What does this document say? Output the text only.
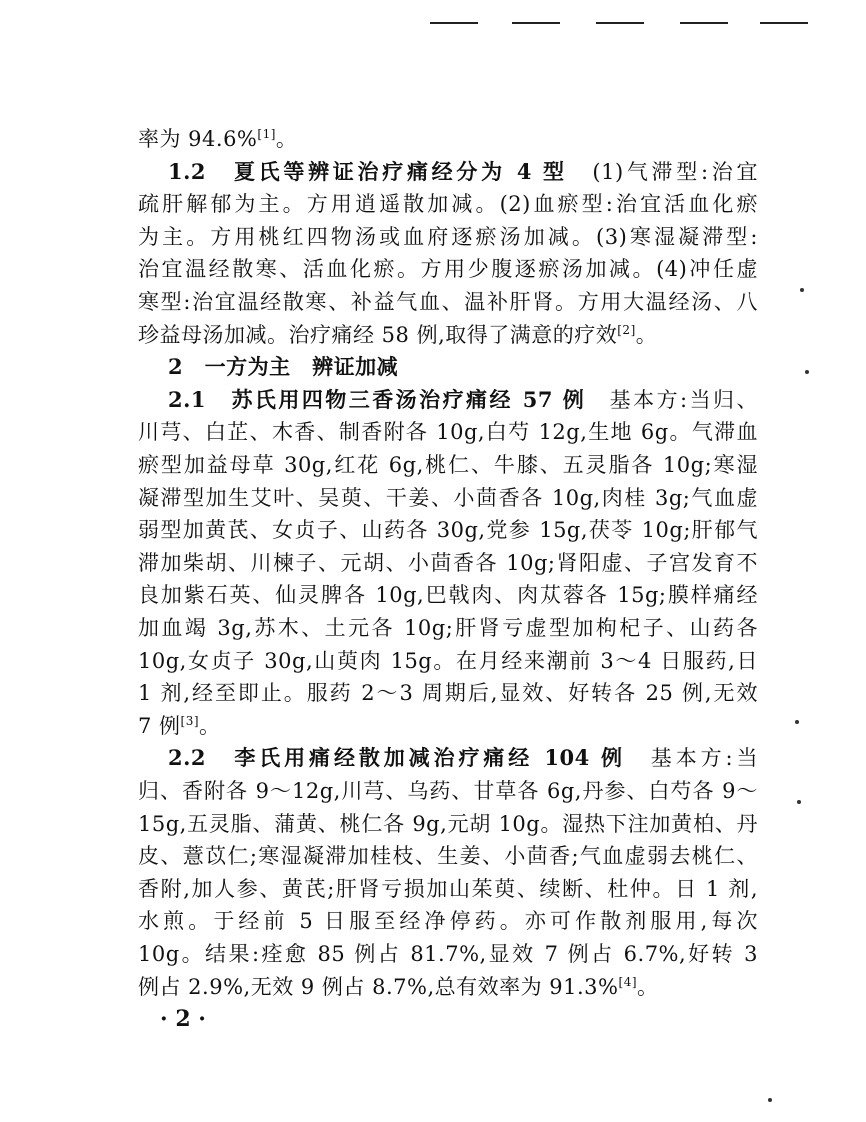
率为 94.6%[1]。
1.2　夏氏等辨证治疗痛经分为 4 型　(1)气滞型:治宜
疏肝解郁为主。方用逍遥散加减。(2)血瘀型:治宜活血化瘀
为主。方用桃红四物汤或血府逐瘀汤加减。(3)寒湿凝滞型:
治宜温经散寒、活血化瘀。方用少腹逐瘀汤加减。(4)冲任虚
寒型:治宜温经散寒、补益气血、温补肝肾。方用大温经汤、八
珍益母汤加减。治疗痛经 58 例,取得了满意的疗效[2]。
2　一方为主　辨证加减
2.1　苏氏用四物三香汤治疗痛经 57 例　基本方:当归、
川芎、白芷、木香、制香附各 10g,白芍 12g,生地 6g。气滞血
瘀型加益母草 30g,红花 6g,桃仁、牛膝、五灵脂各 10g;寒湿
凝滞型加生艾叶、吴萸、干姜、小茴香各 10g,肉桂 3g;气血虚
弱型加黄芪、女贞子、山药各 30g,党参 15g,茯苓 10g;肝郁气
滞加柴胡、川楝子、元胡、小茴香各 10g;肾阳虚、子宫发育不
良加紫石英、仙灵脾各 10g,巴戟肉、肉苁蓉各 15g;膜样痛经
加血竭 3g,苏木、土元各 10g;肝肾亏虚型加枸杞子、山药各
10g,女贞子 30g,山萸肉 15g。在月经来潮前 3～4 日服药,日
1 剂,经至即止。服药 2～3 周期后,显效、好转各 25 例,无效
7 例[3]。
2.2　李氏用痛经散加减治疗痛经 104 例　基本方:当
归、香附各 9～12g,川芎、乌药、甘草各 6g,丹参、白芍各 9～
15g,五灵脂、蒲黄、桃仁各 9g,元胡 10g。湿热下注加黄柏、丹
皮、薏苡仁;寒湿凝滞加桂枝、生姜、小茴香;气血虚弱去桃仁、
香附,加人参、黄芪;肝肾亏损加山茱萸、续断、杜仲。日 1 剂,
水煎。于经前 5 日服至经净停药。亦可作散剂服用,每次
10g。结果:痊愈 85 例占 81.7%,显效 7 例占 6.7%,好转 3
例占 2.9%,无效 9 例占 8.7%,总有效率为 91.3%[4]。
· 2 ·
